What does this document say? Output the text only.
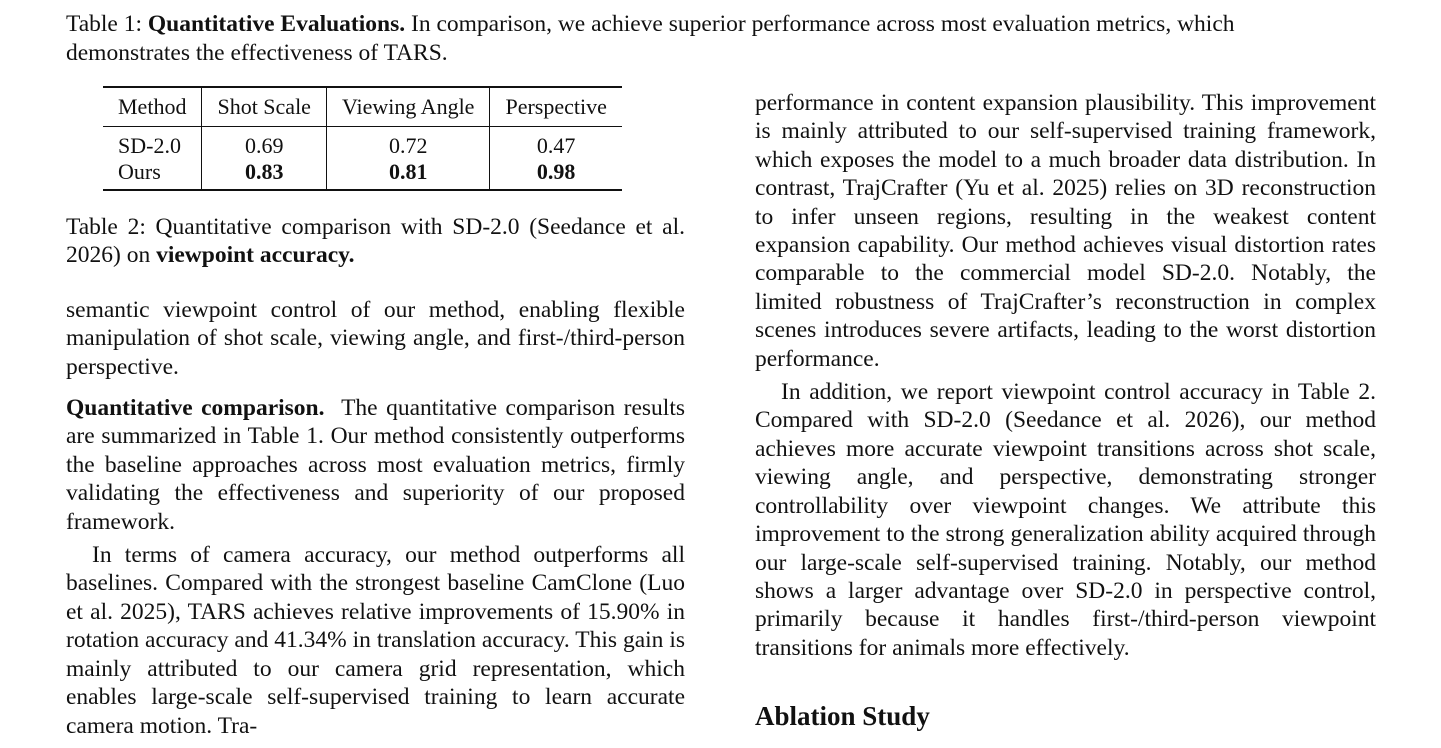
Table 1: Quantitative Evaluations. In comparison, we achieve superior performance across most evaluation metrics, which
demonstrates the effectiveness of TARS.
Method	Shot Scale	Viewing Angle	Perspective
SD-2.0	0.69	0.72	0.47
Ours	0.83	0.81	0.98

Table 2: Quantitative comparison with SD-2.0 (Seedance et al. 2026) on viewpoint accuracy.

semantic viewpoint control of our method, enabling flexible manipulation of shot scale, viewing angle, and first-/third-person perspective.

Quantitative comparison. The quantitative comparison results are summarized in Table 1. Our method consistently outperforms the baseline approaches across most evaluation metrics, firmly validating the effectiveness and superiority of our proposed framework.

In terms of camera accuracy, our method outperforms all baselines. Compared with the strongest baseline CamClone (Luo et al. 2025), TARS achieves relative improvements of 15.90% in rotation accuracy and 41.34% in translation accuracy. This gain is mainly attributed to our camera grid representation, which enables large-scale self-supervised training to learn accurate camera motion. Tra-

performance in content expansion plausibility. This improvement is mainly attributed to our self-supervised training framework, which exposes the model to a much broader data distribution. In contrast, TrajCrafter (Yu et al. 2025) relies on 3D reconstruction to infer unseen regions, resulting in the weakest content expansion capability. Our method achieves visual distortion rates comparable to the commercial model SD-2.0. Notably, the limited robustness of TrajCrafter’s reconstruction in complex scenes introduces severe artifacts, leading to the worst distortion performance.

In addition, we report viewpoint control accuracy in Table 2. Compared with SD-2.0 (Seedance et al. 2026), our method achieves more accurate viewpoint transitions across shot scale, viewing angle, and perspective, demonstrating stronger controllability over viewpoint changes. We attribute this improvement to the strong generalization ability acquired through our large-scale self-supervised training. Notably, our method shows a larger advantage over SD-2.0 in perspective control, primarily because it handles first-/third-person viewpoint transitions for animals more effectively.

Ablation Study
